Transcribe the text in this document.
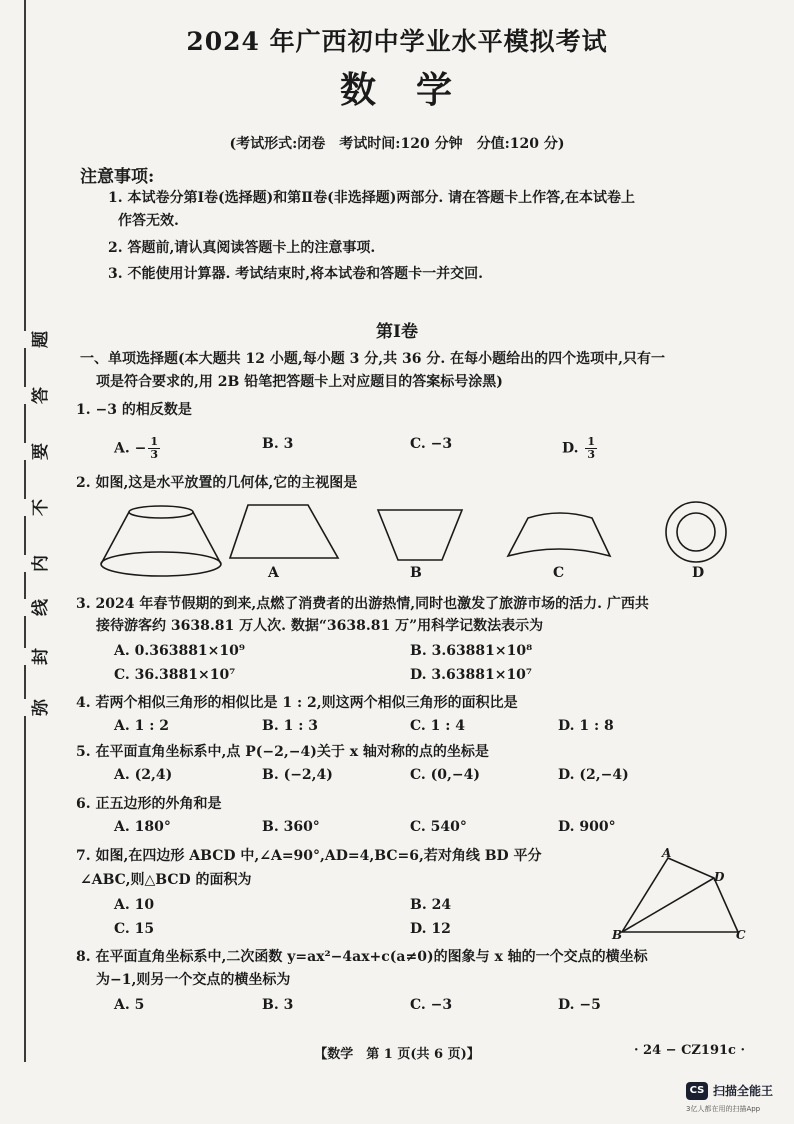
题
答
要
不
内
线
封
弥
2024 年广西初中学业水平模拟考试
数　学
(考试形式:闭卷　考试时间:120 分钟　分值:120 分)
注意事项:
1. 本试卷分第Ⅰ卷(选择题)和第Ⅱ卷(非选择题)两部分. 请在答题卡上作答,在本试卷上
作答无效.
2. 答题前,请认真阅读答题卡上的注意事项.
3. 不能使用计算器. 考试结束时,将本试卷和答题卡一并交回.
第Ⅰ卷
一、单项选择题(本大题共 12 小题,每小题 3 分,共 36 分. 在每小题给出的四个选项中,只有一
项是符合要求的,用 2B 铅笔把答题卡上对应题目的答案标号涂黑)
1. −3 的相反数是
A. − $\frac{1}{3}$	B. 3	C. −3	D. $\frac{1}{3}$
2. 如图,这是水平放置的几何体,它的主视图是
A	B	C	D
3. 2024 年春节假期的到来,点燃了消费者的出游热情,同时也激发了旅游市场的活力. 广西共
接待游客约 3638.81 万人次. 数据“3638.81 万”用科学记数法表示为
A. 0.363881×10⁹	B. 3.63881×10⁸
C. 36.3881×10⁷	D. 3.63881×10⁷
4. 若两个相似三角形的相似比是 1 : 2,则这两个相似三角形的面积比是
A. 1 : 2	B. 1 : 3	C. 1 : 4	D. 1 : 8
5. 在平面直角坐标系中,点 P(−2,−4)关于 x 轴对称的点的坐标是
A. (2,4)	B. (−2,4)	C. (0,−4)	D. (2,−4)
6. 正五边形的外角和是
A. 180°	B. 360°	C. 540°	D. 900°
7. 如图,在四边形 ABCD 中,∠A=90°,AD=4,BC=6,若对角线 BD 平分
∠ABC,则△BCD 的面积为
A. 10	B. 24
C. 15	D. 12
A
D
B	C
8. 在平面直角坐标系中,二次函数 y=ax²−4ax+c(a≠0)的图象与 x 轴的一个交点的横坐标
为−1,则另一个交点的横坐标为
A. 5	B. 3	C. −3	D. −5
【数学　第 1 页(共 6 页)】	· 24 − CZ191c ·
CS 扫描全能王
3亿人都在用的扫描App
